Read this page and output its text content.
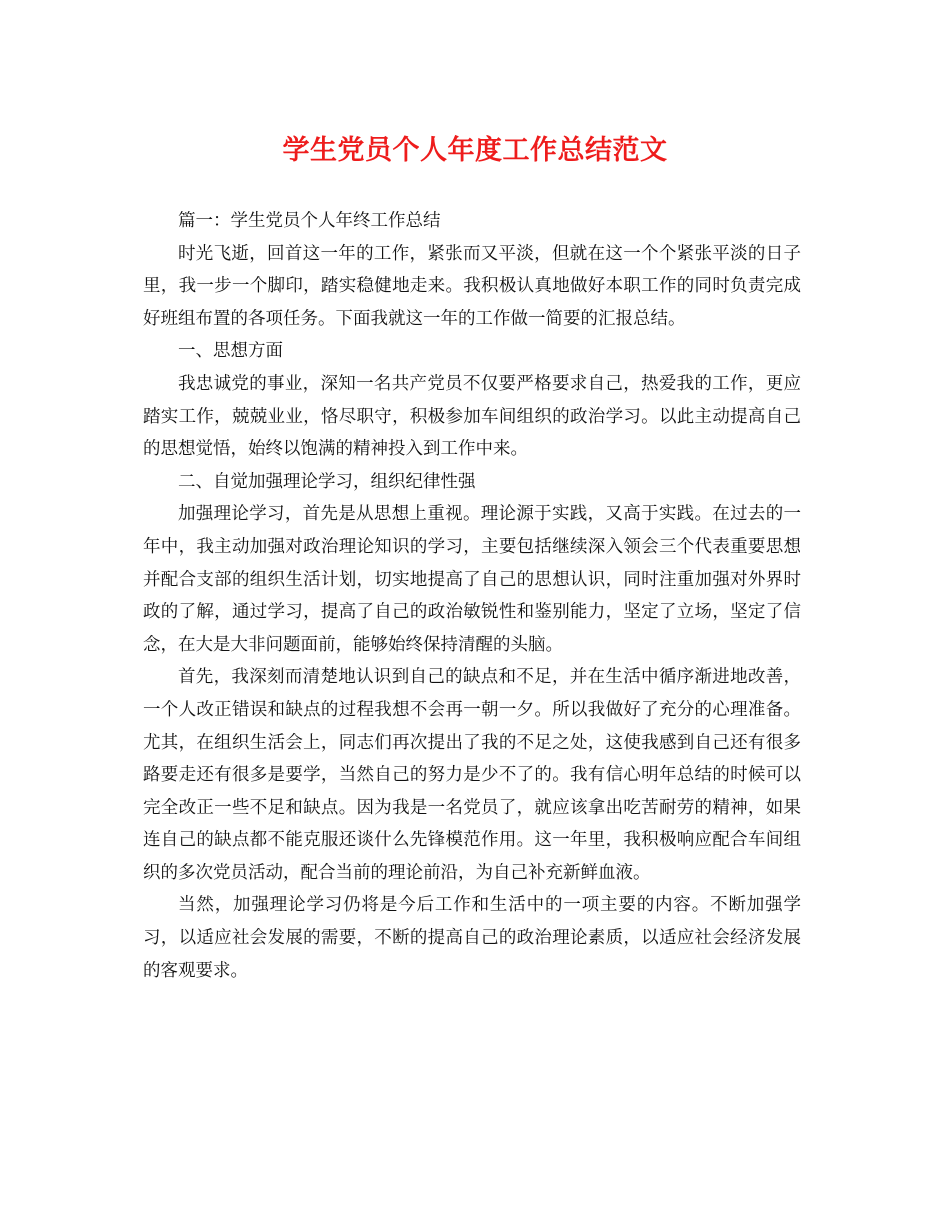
学生党员个人年度工作总结范文

篇一：学生党员个人年终工作总结

时光飞逝，回首这一年的工作，紧张而又平淡，但就在这一个个紧张平淡的日子里，我一步一个脚印，踏实稳健地走来。我积极认真地做好本职工作的同时负责完成好班组布置的各项任务。下面我就这一年的工作做一简要的汇报总结。

一、思想方面

我忠诚党的事业，深知一名共产党员不仅要严格要求自己，热爱我的工作，更应踏实工作，兢兢业业，恪尽职守，积极参加车间组织的政治学习。以此主动提高自己的思想觉悟，始终以饱满的精神投入到工作中来。

二、自觉加强理论学习，组织纪律性强

加强理论学习，首先是从思想上重视。理论源于实践，又高于实践。在过去的一年中，我主动加强对政治理论知识的学习，主要包括继续深入领会三个代表重要思想并配合支部的组织生活计划，切实地提高了自己的思想认识，同时注重加强对外界时政的了解，通过学习，提高了自己的政治敏锐性和鉴别能力，坚定了立场，坚定了信念，在大是大非问题面前，能够始终保持清醒的头脑。

首先，我深刻而清楚地认识到自己的缺点和不足，并在生活中循序渐进地改善，一个人改正错误和缺点的过程我想不会再一朝一夕。所以我做好了充分的心理准备。尤其，在组织生活会上，同志们再次提出了我的不足之处，这使我感到自己还有很多路要走还有很多是要学，当然自己的努力是少不了的。我有信心明年总结的时候可以完全改正一些不足和缺点。因为我是一名党员了，就应该拿出吃苦耐劳的精神，如果连自己的缺点都不能克服还谈什么先锋模范作用。这一年里，我积极响应配合车间组织的多次党员活动，配合当前的理论前沿，为自己补充新鲜血液。

当然，加强理论学习仍将是今后工作和生活中的一项主要的内容。不断加强学习，以适应社会发展的需要，不断的提高自己的政治理论素质，以适应社会经济发展的客观要求。
